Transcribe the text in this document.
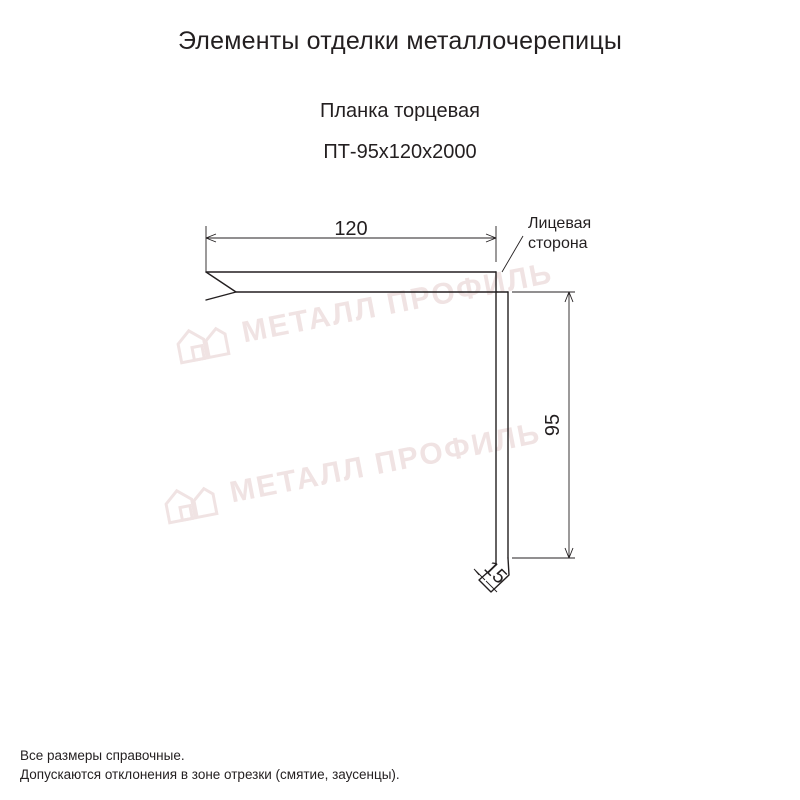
МЕТАЛЛ ПРОФИЛЬ
МЕТАЛЛ ПРОФИЛЬ
Элементы отделки металлочерепицы
Планка торцевая
ПТ-95х120х2000
120
95
15
Лицевая
сторона
Все размеры справочные.
Допускаются отклонения в зоне отрезки (смятие, заусенцы).
